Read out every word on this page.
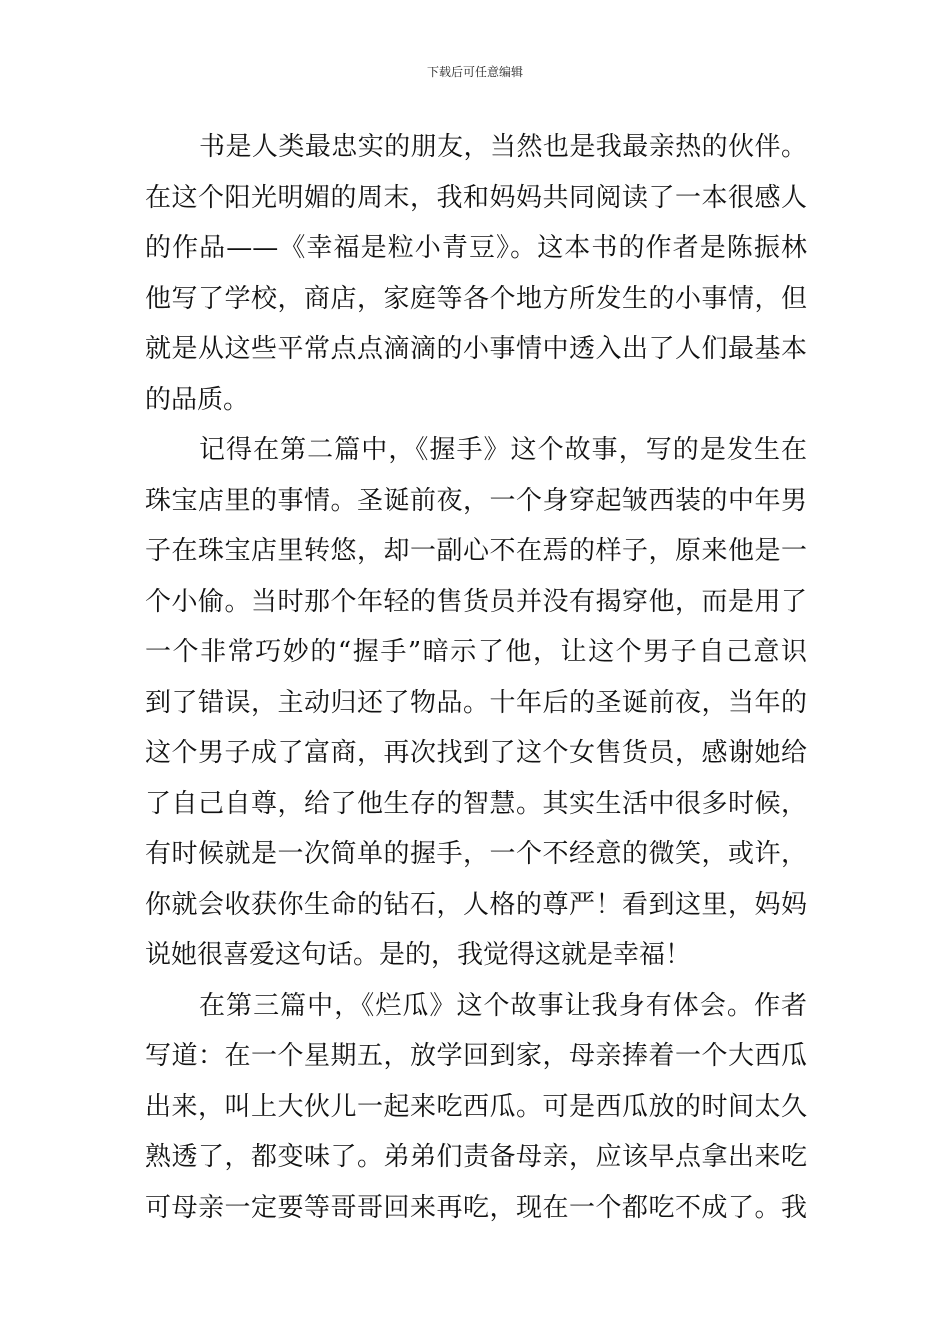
下载后可任意编辑
书是人类最忠实的朋友，当然也是我最亲热的伙伴。
在这个阳光明媚的周末，我和妈妈共同阅读了一本很感人
的作品——《幸福是粒小青豆》。这本书的作者是陈振林
他写了学校，商店，家庭等各个地方所发生的小事情，但
就是从这些平常点点滴滴的小事情中透入出了人们最基本
的品质。
记得在第二篇中，《握手》这个故事，写的是发生在
珠宝店里的事情。圣诞前夜，一个身穿起皱西装的中年男
子在珠宝店里转悠，却一副心不在焉的样子，原来他是一
个小偷。当时那个年轻的售货员并没有揭穿他，而是用了
一个非常巧妙的“握手”暗示了他，让这个男子自己意识
到了错误，主动归还了物品。十年后的圣诞前夜，当年的
这个男子成了富商，再次找到了这个女售货员，感谢她给
了自己自尊，给了他生存的智慧。其实生活中很多时候，
有时候就是一次简单的握手，一个不经意的微笑，或许，
你就会收获你生命的钻石，人格的尊严！看到这里，妈妈
说她很喜爱这句话。是的，我觉得这就是幸福！
在第三篇中，《烂瓜》这个故事让我身有体会。作者
写道：在一个星期五，放学回到家，母亲捧着一个大西瓜
出来，叫上大伙儿一起来吃西瓜。可是西瓜放的时间太久
熟透了，都变味了。弟弟们责备母亲，应该早点拿出来吃
可母亲一定要等哥哥回来再吃，现在一个都吃不成了。我
